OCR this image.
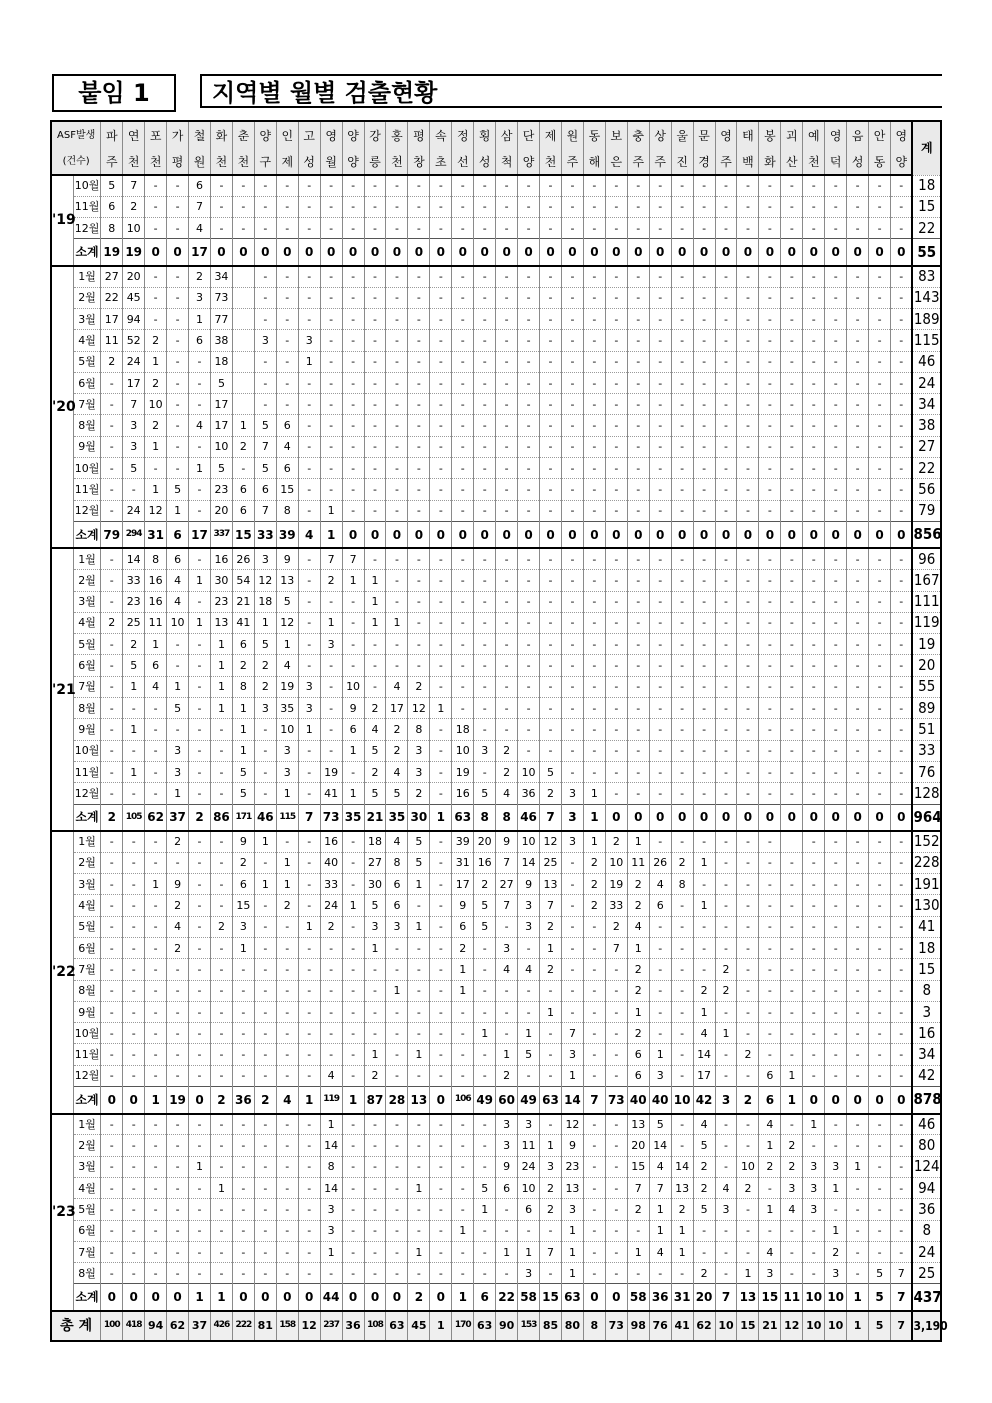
붙임 1	지역별 월별 검출현황
ASF발생		파	연	포	가	철	화	춘	양	인	고	영	양	강	홍	평	속	정	횡	삼	단	제	원	동	보	충	상	울	문	영	태	봉	괴	예	영	음	안	영	계
(건수)		주	천	천	평	원	천	천	구	제	성	월	양	릉	천	창	초	선	성	척	양	천	주	해	은	주	주	진	경	주	백	화	산	천	덕	성	동	양	
'19	10월	5	7	-	-	6	-	-	-	-	-	-	-	-	-	-	-	-	-	-	-	-	-	-	-	-	-	-	-	-	-	-	-	-	-	-	-	-	18
	11월	6	2	-	-	7	-	-	-	-	-	-	-	-	-	-	-	-	-	-	-	-	-	-	-	-	-	-	-	-	-	-	-	-	-	-	-	-	15
	12월	8	10	-	-	4	-	-	-	-	-	-	-	-	-	-	-	-	-	-	-	-	-	-	-	-	-	-	-	-	-	-	-	-	-	-	-	-	22
	소계	19	19	0	0	17	0	0	0	0	0	0	0	0	0	0	0	0	0	0	0	0	0	0	0	0	0	0	0	0	0	0	0	0	0	0	0	0	55
'20	1월	27	20	-	-	2	34		-	-	-	-	-	-	-	-	-	-	-	-	-	-	-	-	-	-	-	-	-	-	-	-	-	-	-	-	-	-	83
	2월	22	45	-	-	3	73		-	-	-	-	-	-	-	-	-	-	-	-	-	-	-	-	-	-	-	-	-	-	-	-	-	-	-	-	-	-	143
	3월	17	94	-	-	1	77		-	-	-	-	-	-	-	-	-	-	-	-	-	-	-	-	-	-	-	-	-	-	-	-	-	-	-	-	-	-	189
	4월	11	52	2	-	6	38		3	-	3	-	-	-	-	-	-	-	-	-	-	-	-	-	-	-	-	-	-	-	-	-	-	-	-	-	-	-	115
	5월	2	24	1	-	-	18		-	-	1	-	-	-	-	-	-	-	-	-	-	-	-	-	-	-	-	-	-	-	-	-	-	-	-	-	-	-	46
	6월	-	17	2	-	-	5		-	-	-	-	-	-	-	-	-	-	-	-	-	-	-	-	-	-	-	-	-	-	-	-	-	-	-	-	-	-	24
	7월	-	7	10	-	-	17		-	-	-	-	-	-	-	-	-	-	-	-	-	-	-	-	-	-	-	-	-	-	-	-	-	-	-	-	-	-	34
	8월	-	3	2	-	4	17	1	5	6	-	-	-	-	-	-	-	-	-	-	-	-	-	-	-	-	-	-	-	-	-	-	-	-	-	-	-	-	38
	9월	-	3	1	-	-	10	2	7	4	-	-	-	-	-	-	-	-	-	-	-	-	-	-	-	-	-	-	-	-	-	-	-	-	-	-	-	-	27
	10월	-	5	-	-	1	5	-	5	6	-	-	-	-	-	-	-	-	-	-	-	-	-	-	-	-	-	-	-	-	-	-	-	-	-	-	-	-	22
	11월	-	-	1	5	-	23	6	6	15	-	-	-	-	-	-	-	-	-	-	-	-	-	-	-	-	-	-	-	-	-	-	-	-	-	-	-	-	56
	12월	-	24	12	1	-	20	6	7	8	-	1	-	-	-	-	-	-	-	-	-	-	-	-	-	-	-	-	-	-	-	-	-	-	-	-	-	-	79
	소계	79	294	31	6	17	337	15	33	39	4	1	0	0	0	0	0	0	0	0	0	0	0	0	0	0	0	0	0	0	0	0	0	0	0	0	0	0	856
'21	1월	-	14	8	6	-	16	26	3	9	-	7	7	-	-	-	-	-	-	-	-	-	-	-	-	-	-	-	-	-	-	-	-	-	-	-	-	-	96
	2월	-	33	16	4	1	30	54	12	13	-	2	1	1	-	-	-	-	-	-	-	-	-	-	-	-	-	-	-	-	-	-	-	-	-	-	-	-	167
	3월	-	23	16	4	-	23	21	18	5	-	-	-	1	-	-	-	-	-	-	-	-	-	-	-	-	-	-	-	-	-	-	-	-	-	-	-	-	111
	4월	2	25	11	10	1	13	41	1	12	-	1	-	1	1	-	-	-	-	-	-	-	-	-	-	-	-	-	-	-	-	-	-	-	-	-	-	-	119
	5월	-	2	1	-	-	1	6	5	1	-	3	-	-	-	-	-	-	-	-	-	-	-	-	-	-	-	-	-	-	-	-	-	-	-	-	-	-	19
	6월	-	5	6	-	-	1	2	2	4	-	-	-	-	-	-	-	-	-	-	-	-	-	-	-	-	-	-	-	-	-	-	-	-	-	-	-	-	20
	7월	-	1	4	1	-	1	8	2	19	3	-	10	-	4	2	-	-	-	-	-	-	-	-	-	-	-	-	-	-	-	-	-	-	-	-	-	-	55
	8월	-	-	-	5	-	1	1	3	35	3	-	9	2	17	12	1	-	-	-	-	-	-	-	-	-	-	-	-	-	-	-	-	-	-	-	-	-	89
	9월	-	1	-	-	-	-	1	-	10	1	-	6	4	2	8	-	18	-	-	-	-	-	-	-	-	-	-	-	-	-	-	-	-	-	-	-	-	51
	10월	-	-	-	3	-	-	1	-	3	-	-	1	5	2	3	-	10	3	2	-	-	-	-	-	-	-	-	-	-	-	-	-	-	-	-	-	-	33
	11월	-	1	-	3	-	-	5	-	3	-	19	-	2	4	3	-	19	-	2	10	5	-	-	-	-	-	-	-	-	-	-	-	-	-	-	-	-	76
	12월	-	-	-	1	-	-	5	-	1	-	41	1	5	5	2	-	16	5	4	36	2	3	1	-	-	-	-	-	-	-	-	-	-	-	-	-	-	128
	소계	2	105	62	37	2	86	171	46	115	7	73	35	21	35	30	1	63	8	8	46	7	3	1	0	0	0	0	0	0	0	0	0	0	0	0	0	0	964
'22	1월	-	-	-	2	-	-	9	1	-	-	16	-	18	4	5	-	39	20	9	10	12	3	1	2	1	-	-	-	-	-	-		-	-	-	-	-	152
	2월	-	-	-	-	-	-	2	-	1	-	40	-	27	8	5	-	31	16	7	14	25	-	2	10	11	26	2	1	-	-	-	-	-	-	-	-	-	228
	3월	-	-	1	9	-	-	6	1	1	-	33	-	30	6	1	-	17	2	27	9	13	-	2	19	2	4	8	-	-	-	-	-	-	-	-	-	-	191
	4월	-	-	-	2	-	-	15	-	2	-	24	1	5	6	-	-	9	5	7	3	7	-	2	33	2	6	-	1	-	-	-	-	-	-	-	-	-	130
	5월	-	-	-	4	-	2	3	-	-	1	2	-	3	3	1	-	6	5	-	3	2	-	-	2	4	-	-	-	-	-	-	-	-	-	-	-	-	41
	6월	-	-	-	2	-	-	1	-	-	-	-	-	1	-	-	-	2	-	3	-	1	-	-	7	1	-	-	-	-	-	-	-	-	-	-	-	-	18
	7월	-	-	-	-	-	-	-	-	-	-	-	-	-	-	-	-	1	-	4	4	2	-	-	-	2	-	-	-	2	-	-	-	-	-	-	-	-	15
	8월	-	-	-	-	-	-	-	-	-	-	-	-	-	1	-	-	1	-	-	-	-	-	-	-	2	-	-	2	2	-	-	-	-	-	-	-	-	8
	9월	-	-	-	-	-	-	-	-	-	-	-	-	-	-	-	-	-	-	-	-	1	-	-	-	1	-	-	1	-	-	-	-	-	-	-	-	-	3
	10월	-	-	-	-	-	-	-	-	-	-	-	-	-	-	-	-	-	1	-	1	-	7	-	-	2	-	-	4	1	-	-	-	-	-	-	-	-	16
	11월	-	-	-	-	-	-	-	-	-	-	-	-	1	-	1	-	-	-	1	5	-	3	-	-	6	1	-	14	-	2	-	-	-	-	-	-	-	34
	12월	-	-	-	-	-	-	-	-	-	-	4	-	2	-	-	-	-	-	2	-	-	1	-	-	6	3	-	17	-	-	6	1	-	-	-	-	-	42
	소계	0	0	1	19	0	2	36	2	4	1	119	1	87	28	13	0	106	49	60	49	63	14	7	73	40	40	10	42	3	2	6	1	0	0	0	0	0	878
'23	1월	-	-	-	-	-	-	-	-	-	-	1	-	-	-	-	-	-	-	3	3	-	12	-	-	13	5	-	4	-	-	4	-	1	-	-	-	-	46
	2월	-	-	-	-	-	-	-	-	-	-	14	-	-	-	-	-	-	-	3	11	1	9	-	-	20	14	-	5	-	-	1	2	-	-	-	-	-	80
	3월	-	-	-	-	1	-	-	-	-	-	8	-	-	-	-	-	-	-	9	24	3	23	-	-	15	4	14	2	-	10	2	2	3	3	1	-	-	124
	4월	-	-	-	-	-	1	-	-	-	-	14	-	-	-	1	-	-	5	6	10	2	13	-	-	7	7	13	2	4	2	-	3	3	1	-	-	-	94
	5월	-	-	-	-	-	-	-	-	-	-	3	-	-	-	-	-	-	1	-	6	2	3	-	-	2	1	2	5	3	-	1	4	3	-	-	-	-	36
	6월	-	-	-	-	-	-	-	-	-	-	3	-	-	-	-	-	1	-	-	-	-	1	-	-	-	1	1	-	-	-	-	-	-	1	-	-	-	8
	7월	-	-	-	-	-	-	-	-	-	-	1	-	-	-	1	-	-	-	1	1	7	1	-	-	1	4	1	-	-	-	4	-	-	2	-	-	-	24
	8월	-	-	-	-	-	-	-	-	-	-	-	-	-	-	-	-	-	-	-	3	-	1	-	-	-	-	-	2	-	1	3	-	-	3	-	5	7	25
	소계	0	0	0	0	1	1	0	0	0	0	44	0	0	0	2	0	1	6	22	58	15	63	0	0	58	36	31	20	7	13	15	11	10	10	1	5	7	437
총 계		100	418	94	62	37	426	222	81	158	12	237	36	108	63	45	1	170	63	90	153	85	80	8	73	98	76	41	62	10	15	21	12	10	10	1	5	7	3,190
